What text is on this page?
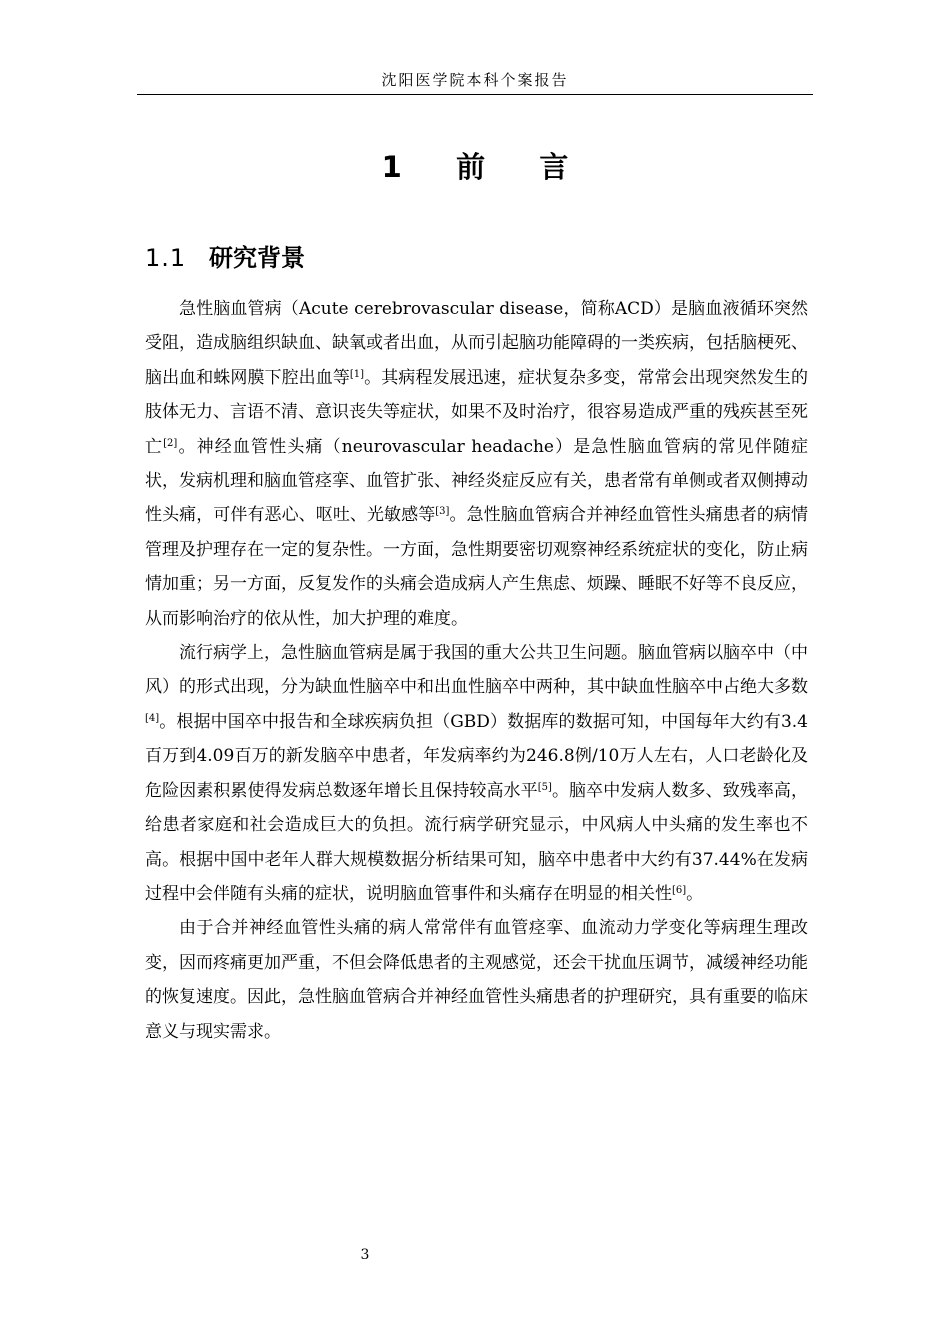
沈阳医学院本科个案报告
1 前 言
1.1 研究背景

急性脑血管病（Acute cerebrovascular disease，简称ACD）是脑血液循环突然受阻，造成脑组织缺血、缺氧或者出血，从而引起脑功能障碍的一类疾病，包括脑梗死、脑出血和蛛网膜下腔出血等[1]。其病程发展迅速，症状复杂多变，常常会出现突然发生的肢体无力、言语不清、意识丧失等症状，如果不及时治疗，很容易造成严重的残疾甚至死亡[2]。神经血管性头痛（neurovascular headache）是急性脑血管病的常见伴随症状，发病机理和脑血管痉挛、血管扩张、神经炎症反应有关，患者常有单侧或者双侧搏动性头痛，可伴有恶心、呕吐、光敏感等[3]。急性脑血管病合并神经血管性头痛患者的病情管理及护理存在一定的复杂性。一方面，急性期要密切观察神经系统症状的变化，防止病情加重；另一方面，反复发作的头痛会造成病人产生焦虑、烦躁、睡眠不好等不良反应，从而影响治疗的依从性，加大护理的难度。

流行病学上，急性脑血管病是属于我国的重大公共卫生问题。脑血管病以脑卒中（中风）的形式出现，分为缺血性脑卒中和出血性脑卒中两种，其中缺血性脑卒中占绝大多数[4]。根据中国卒中报告和全球疾病负担（GBD）数据库的数据可知，中国每年大约有3.4百万到4.09百万的新发脑卒中患者，年发病率约为246.8例/10万人左右，人口老龄化及危险因素积累使得发病总数逐年增长且保持较高水平[5]。脑卒中发病人数多、致残率高，给患者家庭和社会造成巨大的负担。流行病学研究显示，中风病人中头痛的发生率也不高。根据中国中老年人群大规模数据分析结果可知，脑卒中患者中大约有37.44%在发病过程中会伴随有头痛的症状，说明脑血管事件和头痛存在明显的相关性[6]。

由于合并神经血管性头痛的病人常常伴有血管痉挛、血流动力学变化等病理生理改变，因而疼痛更加严重，不但会降低患者的主观感觉，还会干扰血压调节，减缓神经功能的恢复速度。因此，急性脑血管病合并神经血管性头痛患者的护理研究，具有重要的临床意义与现实需求。

3
